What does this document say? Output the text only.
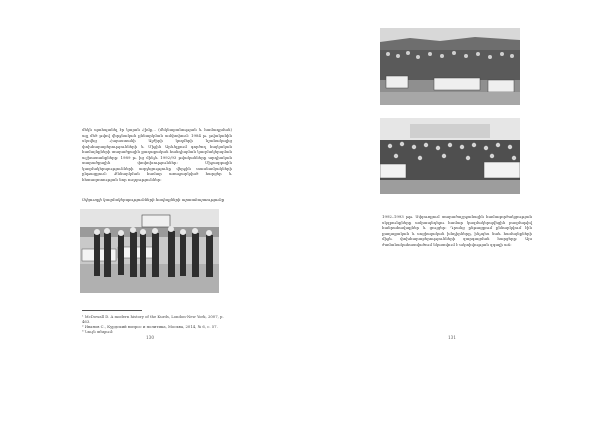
մեկն պահպանել էր կայան Հիմք... (մեկնաբանության և համադրման) այլ մեծ թվով վերջնական քննարկման ամփոփում։ 1984 թ. թվականին սկսվեց Հայաստանի Ալժիրի կողմերի նշանակալից փոխհարաբերությունների և Միջին Արևելքում գործող հայկական համայնքների տարածքային քաղաքական հանդիպման կազմակերպման աշխատանքները։ 1989 թ. ից մինչև 1992/93 թվականները արդիական տարածքային փոփոխություններ։ Միջազգային կազմակերպությունների ազդեցությունը վերջին տասնամյակների ընթացքում։ Քննարկման համար առաջարկված հարցեր և հետազոտության նոր ուղղություններ։

Սփյուռքի կազմակերպությունների հավաքների արտահայտությունը

¹ McDowall D. A modern history of the Kurds, London-New York, 2007, p. 463.
² Иванов С., Курдский вопрос и политика, Москва, 2014, № 6, с. 57.
³ Նույն տեղում։
130

1992–1993 թթ. Սփյուռքում տարածաշրջանային համագործակցության սկզբունքները ամրապնդելու համար կազմակերպվեցին բազմաթիվ հանրահավաքներ և ցույցեր։ Դրանց ընթացքում քննարկվում էին քաղաքական և սոցիալական խնդիրները, ինչպես նաև համայնքների միջև փոխհարաբերությունների զարգացման հարցերը։ Այս ժամանակահատվածում նկատվում է ակտիվության զգալի աճ։

131
